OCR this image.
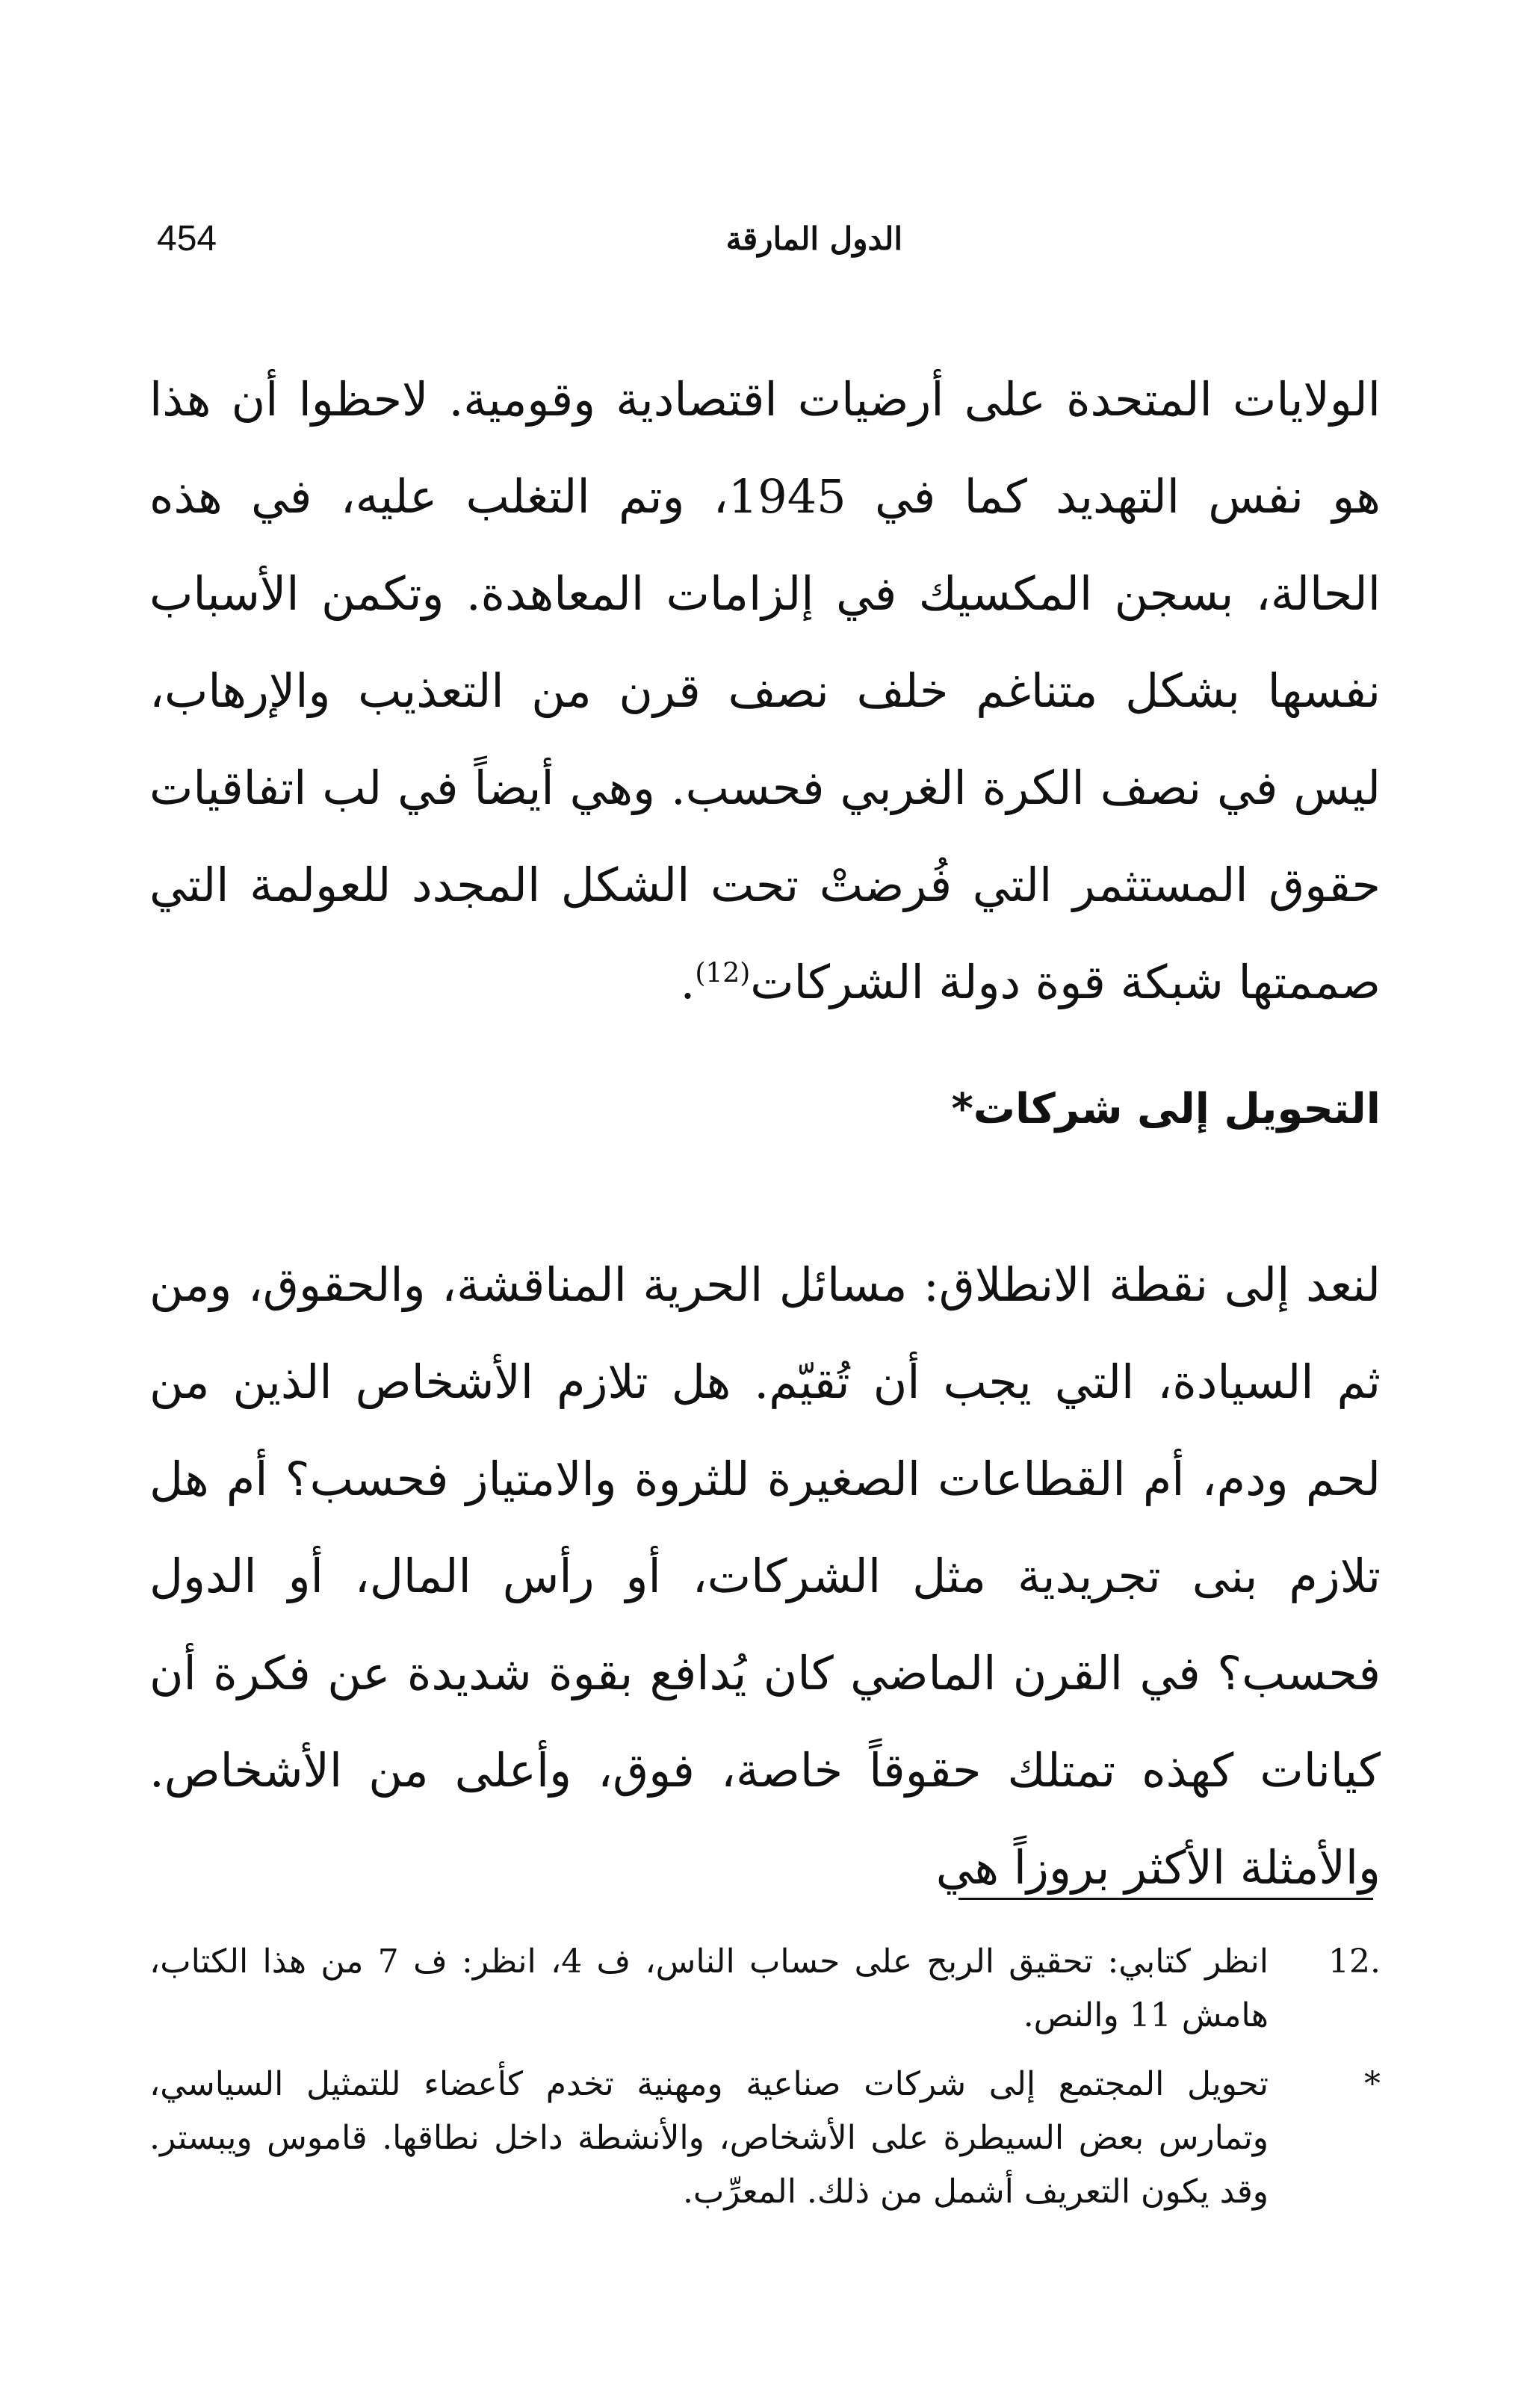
454	الدول المارقة

الولايات المتحدة على أرضيات اقتصادية وقومية. لاحظوا أن هذا هو نفس التهديد كما في 1945، وتم التغلب عليه، في هذه الحالة، بسجن المكسيك في إلزامات المعاهدة. وتكمن الأسباب نفسها بشكل متناغم خلف نصف قرن من التعذيب والإرهاب، ليس في نصف الكرة الغربي فحسب. وهي أيضاً في لب اتفاقيات حقوق المستثمر التي فُرضتْ تحت الشكل المجدد للعولمة التي صممتها شبكة قوة دولة الشركات$^{(12)}$.

التحويل إلى شركات*

لنعد إلى نقطة الانطلاق: مسائل الحرية المناقشة، والحقوق، ومن ثم السيادة، التي يجب أن تُقيّم. هل تلازم الأشخاص الذين من لحم ودم، أم القطاعات الصغيرة للثروة والامتياز فحسب؟ أم هل تلازم بنى تجريدية مثل الشركات، أو رأس المال، أو الدول فحسب؟ في القرن الماضي كان يُدافع بقوة شديدة عن فكرة أن كيانات كهذه تمتلك حقوقاً خاصة، فوق، وأعلى من الأشخاص. والأمثلة الأكثر بروزاً هي

.12
انظر كتابي: تحقيق الربح على حساب الناس، ف 4، انظر: ف 7 من هذا الكتاب، هامش 11 والنص.

*
تحويل المجتمع إلى شركات صناعية ومهنية تخدم كأعضاء للتمثيل السياسي، وتمارس بعض السيطرة على الأشخاص، والأنشطة داخل نطاقها. قاموس ويبستر. وقد يكون التعريف أشمل من ذلك. المعرِّب.
